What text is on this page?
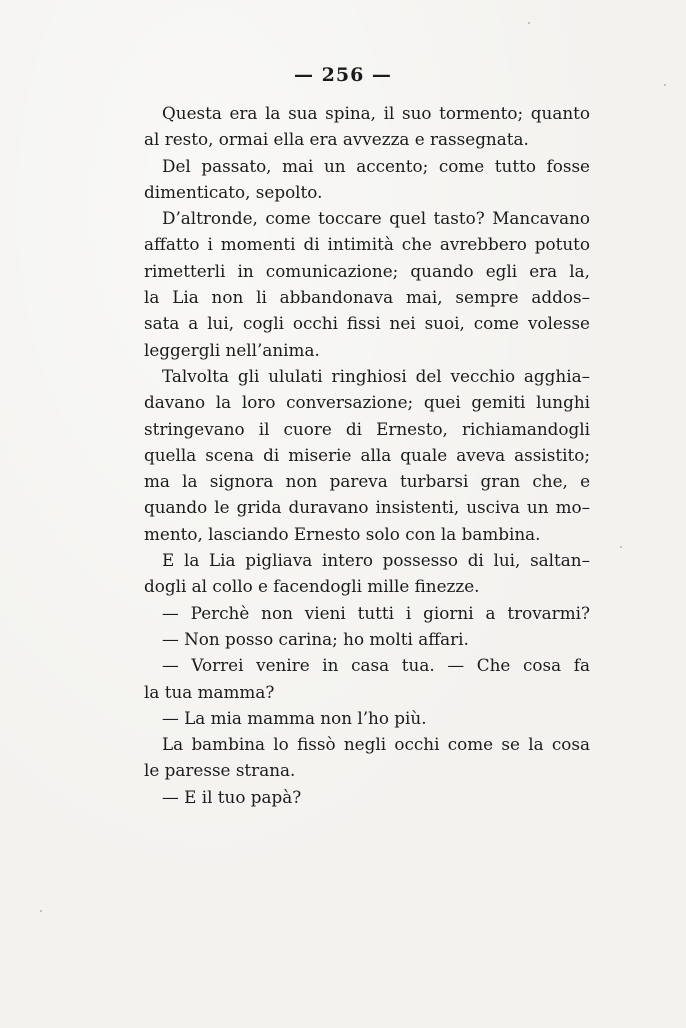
— 256 —

Questa era la sua spina, il suo tormento; quanto
al resto, ormai ella era avvezza e rassegnata.

Del passato, mai un accento; come tutto fosse
dimenticato, sepolto.

D’altronde, come toccare quel tasto? Mancavano
affatto i momenti di intimità che avrebbero potuto
rimetterli in comunicazione; quando egli era la,
la Lia non li abbandonava mai, sempre addos–
sata a lui, cogli occhi fissi nei suoi, come volesse
leggergli nell’anima.

Talvolta gli ululati ringhiosi del vecchio agghia–
davano la loro conversazione; quei gemiti lunghi
stringevano il cuore di Ernesto, richiamandogli
quella scena di miserie alla quale aveva assistito;
ma la signora non pareva turbarsi gran che, e
quando le grida duravano insistenti, usciva un mo–
mento, lasciando Ernesto solo con la bambina.

E la Lia pigliava intero possesso di lui, saltan–
dogli al collo e facendogli mille finezze.

— Perchè non vieni tutti i giorni a trovarmi?

— Non posso carina; ho molti affari.

— Vorrei venire in casa tua. — Che cosa fa
la tua mamma?

— La mia mamma non l’ho più.

La bambina lo fissò negli occhi come se la cosa
le paresse strana.

— E il tuo papà?
